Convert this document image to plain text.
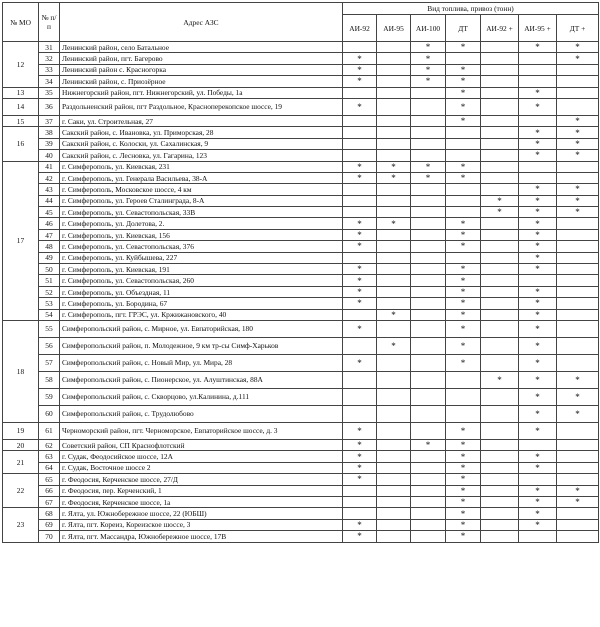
№ МО	№ п/п	Адрес АЗС	Вид топлива, привоз (тонн)						
			АИ-92	АИ-95	АИ-100	ДТ	АИ-92 +	АИ-95 +	ДТ +
12	31	Ленинский район, село Батальное			*	*		*	*
	32	Ленинский район, пгт. Багерово	*		*				*
	33	Ленинский район с. Красногорка	*		*	*			
	34	Ленинский район, с. Приозёрное	*		*	*			
13	35	Нижнегорский район, пгт. Нижнегорский, ул. Победы, 1а				*		*	
14	36	Раздольненский район, пгт Раздольное, Красноперекопское шоссе, 19	*			*		*	
15	37	г. Саки, ул. Строительная, 27				*			*
16	38	Сакский район, с. Ивановка, ул. Приморская, 28						*	*
	39	Сакский район, с. Колоски, ул. Сахалинская, 9						*	*
	40	Сакский район, с. Лесновка, ул. Гагарина, 123						*	*
17	41	г. Симферополь, ул. Киевская, 231	*	*	*	*			
	42	г. Симферополь, ул. Генерала Васильева, 38-А	*	*	*	*			
	43	г. Симферополь, Московское шоссе, 4 км						*	*
	44	г. Симферополь, ул. Героев Сталинграда, 8-А					*	*	*
	45	г. Симферополь, ул. Севастопольская, 33В					*	*	*
	46	г. Симферополь, ул. Долетова, 2.	*	*		*		*	
	47	г. Симферополь, ул. Киевская, 156	*			*		*	
	48	г. Симферополь, ул. Севастопольская, 376	*			*		*	
	49	г. Симферополь, ул. Куйбышева, 227						*	
	50	г. Симферополь, ул. Киевская, 191	*			*		*	
	51	г. Симферополь, ул. Севастопольская, 260	*			*			
	52	г. Симферополь, ул. Объездная, 11	*			*		*	
	53	г. Симферополь, ул. Бородина, 67	*			*		*	
	54	г. Симферополь, пгт. ГРЭС, ул. Кржижановского, 40		*		*		*	
18	55	Симферопольский район, с. Мирное, ул. Евпаторийская, 180	*			*		*	
	56	Симферопольский район, п. Молодежное, 9 км тр-сы Симф-Харьков		*		*		*	
	57	Симферопольский район, с. Новый Мир, ул. Мира, 28	*			*		*	
	58	Симферопольский район, с. Пионерское, ул. Алуштинская, 88А					*	*	*
	59	Симферопольский район, с. Скворцово, ул.Калинина, д.111						*	*
	60	Симферопольский район, с. Трудолюбово						*	*
19	61	Черноморский район, пгт. Черноморское, Евпаторийское шоссе, д. 3	*			*		*	
20	62	Советский район, СП Краснофлотский	*		*	*			
21	63	г. Судак, Феодосийское шоссе, 12А	*			*		*	
	64	г. Судак, Восточное шоссе 2	*			*		*	
22	65	г. Феодосия, Керченское шоссе, 27/Д	*			*			
	66	г. Феодосия, пер. Керченский, 1				*		*	*
	67	г. Феодосия, Керченское шоссе, 1а				*		*	*
23	68	г. Ялта, ул. Южнобережное шоссе, 22 (ЮБШ)				*		*	
	69	г. Ялта, пгт. Кореиз, Кореизское шоссе, 3	*			*		*	
	70	г. Ялта, пгт. Массандра, Южнобережное шоссе, 17В	*			*			
